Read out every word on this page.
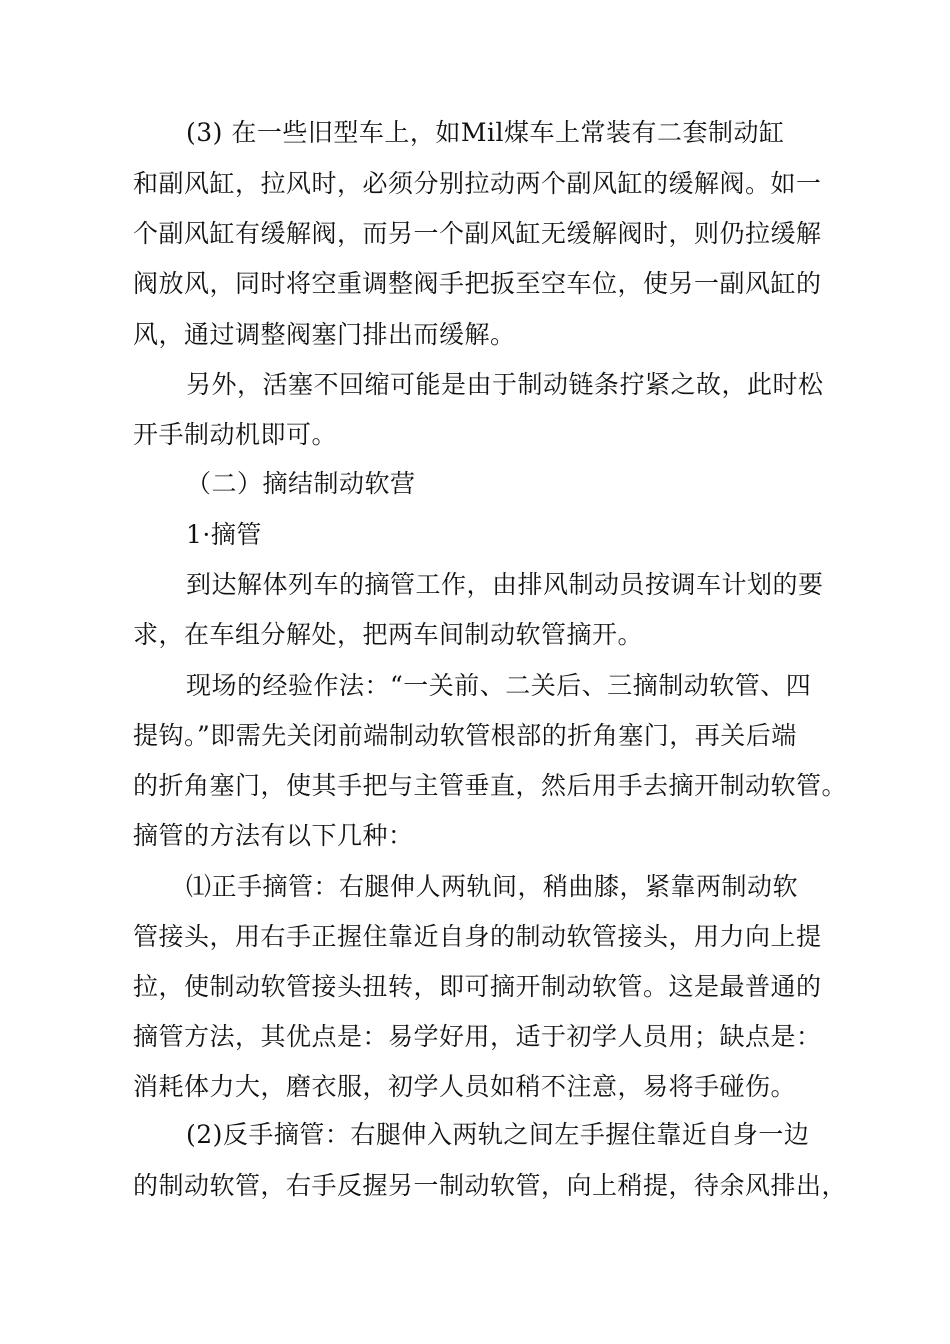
(3) 在一些旧型车上，如Mil煤车上常装有二套制动缸
和副风缸，拉风时，必须分别拉动两个副风缸的缓解阀。如一
个副风缸有缓解阀，而另一个副风缸无缓解阀时，则仍拉缓解
阀放风，同时将空重调整阀手把扳至空车位，使另一副风缸的
风，通过调整阀塞门排出而缓解。
另外，活塞不回缩可能是由于制动链条拧紧之故，此时松
开手制动机即可。
（二）摘结制动软营
1·摘管
到达解体列车的摘管工作，由排风制动员按调车计划的要
求，在车组分解处，把两车间制动软管摘开。
现场的经验作法：“一关前、二关后、三摘制动软管、四
提钩。”即需先关闭前端制动软管根部的折角塞门，再关后端
的折角塞门，使其手把与主管垂直，然后用手去摘开制动软管。
摘管的方法有以下几种：
⑴正手摘管：右腿伸人两轨间，稍曲膝，紧靠两制动软
管接头，用右手正握住靠近自身的制动软管接头，用力向上提
拉，使制动软管接头扭转，即可摘开制动软管。这是最普通的
摘管方法，其优点是：易学好用，适于初学人员用；缺点是：
消耗体力大，磨衣服，初学人员如稍不注意，易将手碰伤。
(2)反手摘管：右腿伸入两轨之间左手握住靠近自身一边
的制动软管，右手反握另一制动软管，向上稍提，待余风排出，
